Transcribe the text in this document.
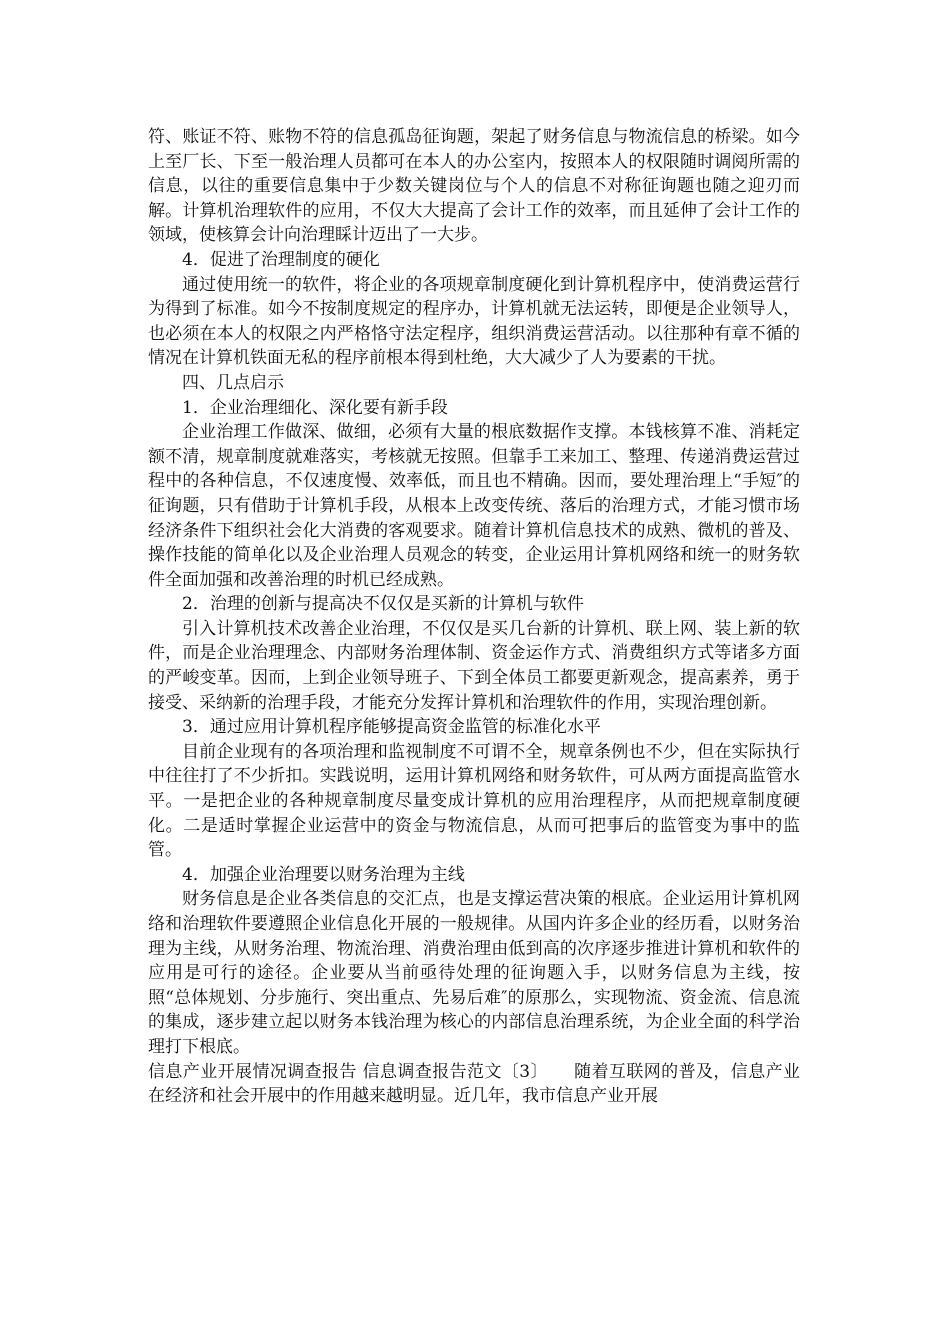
符、账证不符、账物不符的信息孤岛征询题，架起了财务信息与物流信息的桥梁。如今上至厂长、下至一般治理人员都可在本人的办公室内，按照本人的权限随时调阅所需的信息，以往的重要信息集中于少数关键岗位与个人的信息不对称征询题也随之迎刃而解。计算机治理软件的应用，不仅大大提高了会计工作的效率，而且延伸了会计工作的领域，使核算会计向治理睬计迈出了一大步。

4．促进了治理制度的硬化

通过使用统一的软件，将企业的各项规章制度硬化到计算机程序中，使消费运营行为得到了标准。如今不按制度规定的程序办，计算机就无法运转，即便是企业领导人，也必须在本人的权限之内严格恪守法定程序，组织消费运营活动。以往那种有章不循的情况在计算机铁面无私的程序前根本得到杜绝，大大减少了人为要素的干扰。

四、几点启示

1．企业治理细化、深化要有新手段

企业治理工作做深、做细，必须有大量的根底数据作支撑。本钱核算不准、消耗定额不清，规章制度就难落实，考核就无按照。但靠手工来加工、整理、传递消费运营过程中的各种信息，不仅速度慢、效率低，而且也不精确。因而，要处理治理上“手短″的征询题，只有借助于计算机手段，从根本上改变传统、落后的治理方式，才能习惯市场经济条件下组织社会化大消费的客观要求。随着计算机信息技术的成熟、微机的普及、操作技能的简单化以及企业治理人员观念的转变，企业运用计算机网络和统一的财务软件全面加强和改善治理的时机已经成熟。

2．治理的创新与提高决不仅仅是买新的计算机与软件

引入计算机技术改善企业治理，不仅仅是买几台新的计算机、联上网、装上新的软件，而是企业治理理念、内部财务治理体制、资金运作方式、消费组织方式等诸多方面的严峻变革。因而，上到企业领导班子、下到全体员工都要更新观念，提高素养，勇于接受、采纳新的治理手段，才能充分发挥计算机和治理软件的作用，实现治理创新。

3．通过应用计算机程序能够提高资金监管的标准化水平

目前企业现有的各项治理和监视制度不可谓不全，规章条例也不少，但在实际执行中往往打了不少折扣。实践说明，运用计算机网络和财务软件，可从两方面提高监管水平。一是把企业的各种规章制度尽量变成计算机的应用治理程序，从而把规章制度硬化。二是适时掌握企业运营中的资金与物流信息，从而可把事后的监管变为事中的监管。

4．加强企业治理要以财务治理为主线

财务信息是企业各类信息的交汇点，也是支撑运营决策的根底。企业运用计算机网络和治理软件要遵照企业信息化开展的一般规律。从国内许多企业的经历看，以财务治理为主线，从财务治理、物流治理、消费治理由低到高的次序逐步推进计算机和软件的应用是可行的途径。企业要从当前亟待处理的征询题入手，以财务信息为主线，按照“总体规划、分步施行、突出重点、先易后难″的原那么，实现物流、资金流、信息流的集成，逐步建立起以财务本钱治理为核心的内部信息治理系统，为企业全面的科学治理打下根底。

信息产业开展情况调查报告 信息调查报告范文〔3〕　　随着互联网的普及，信息产业在经济和社会开展中的作用越来越明显。近几年，我市信息产业开展
